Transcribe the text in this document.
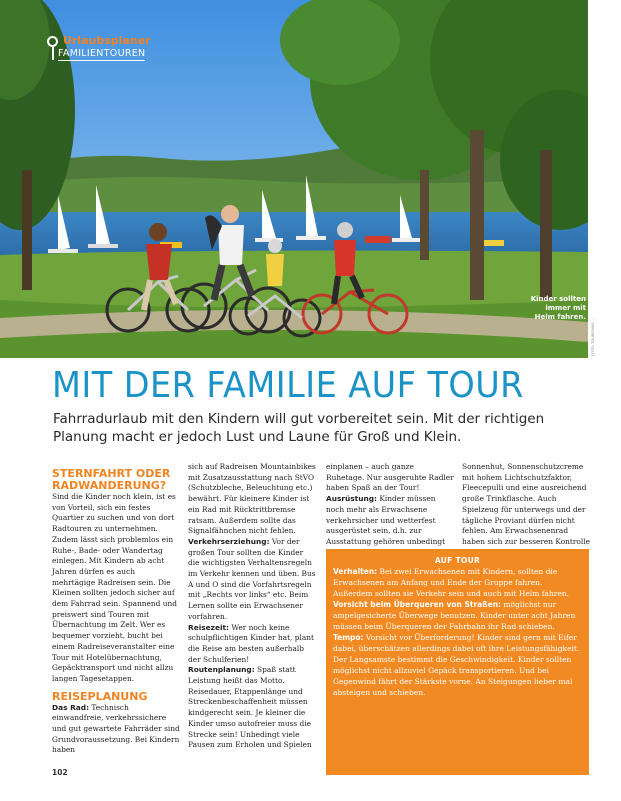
Urlaubsplaner
FAMILIENTOUREN
Kinder sollten immer mit Helm fahren.
FOTO: TOURISMUS ...
MIT DER FAMILIE AUF TOUR
Fahrradurlaub mit den Kindern will gut vorbereitet sein. Mit der richtigen Planung macht er jedoch Lust und Laune für Groß und Klein.

STERNFAHRT ODER RADWANDERUNG?

Sind die Kinder noch klein, ist es von Vorteil, sich ein festes Quartier zu suchen und von dort Radtouren zu unternehmen. Zudem lässt sich problemlos ein Ruhe-, Bade- oder Wandertag einlegen. Mit Kindern ab acht Jahren dürfen es auch mehrtägige Radreisen sein. Die Kleinen sollten jedoch sicher auf dem Fahrrad sein. Spannend und preiswert sind Touren mit Übernachtung im Zelt. Wer es bequemer vorzieht, bucht bei einem Radreiseveranstalter eine Tour mit Hotelübernachtung, Gepäcktransport und nicht allzu langen Tagesetappen.

REISEPLANUNG

Das Rad: Technisch einwandfreie, verkehrssichere und gut gewartete Fahrräder sind Grundvoraussetzung. Bei Kindern haben

sich auf Radreisen Mountainbikes mit Zusatzausstattung nach StVO (Schutzbleche, Beleuchtung etc.) bewährt. Für kleinere Kinder ist ein Rad mit Rücktrittbremse ratsam. Außerdem sollte das Signalfähnchen nicht fehlen.

Verkehrserziehung: Vor der großen Tour sollten die Kinder die wichtigsten Verhaltensregeln im Verkehr kennen und üben. Bus A und O sind die Vorfahrtsregeln mit „Rechts vor links“ etc. Beim Lernen sollte ein Erwachsener vorfahren.

Reisezeit: Wer noch keine schulpflichtigen Kinder hat, plant die Reise am besten außerhalb der Schulferien!

Routenplanung: Spaß statt Leistung heißt das Motto. Reisedauer, Etappenlänge und Streckenbeschaffenheit müssen kindgerecht sein. Je kleiner die Kinder umso autofreier muss die Strecke sein! Unbedingt viele Pausen zum Erholen und Spielen

einplanen – auch ganze Ruhetage. Nur ausgeruhte Radler haben Spaß an der Tour!

Ausrüstung: Kinder müssen noch mehr als Erwachsene verkehrsicher und wetterfest ausgerüstet sein, d.h. zur Ausstattung gehören unbedingt

Sonnenhut, Sonnenschutzcreme mit hohem Lichtschutzfaktor, Fleecepulli und eine ausreichend große Trinkflasche. Auch Spielzeug für unterwegs und der tägliche Proviant dürfen nicht fehlen. Am Erwachsenenrad haben sich zur besseren Kontrolle

AUF TOUR

Verhalten: Bei zwei Erwachsenen mit Kindern, sollten die Erwachsenen am Anfang und Ende der Gruppe fahren. Außerdem sollten sie Verkehr sein und auch mit Helm fahren.

Vorsicht beim Überqueren von Straßen: möglichst nur ampelgesicherte Überwege benutzen. Kinder unter acht Jahren müssen beim Überqueren der Fahrbahn ihr Rad schieben.

Tempo: Vorsicht vor Überforderung! Kinder sind gern mit Eifer dabei, überschätzen allerdings dabei oft ihre Leistungsfähigkeit. Der Langsamste bestimmt die Geschwindigkeit. Kinder sollten möglichst nicht allzuviel Gepäck transportieren. Und bei Gegenwind fährt der Stärkste vorne. An Steigungen lieber mal absteigen und schieben.

102
